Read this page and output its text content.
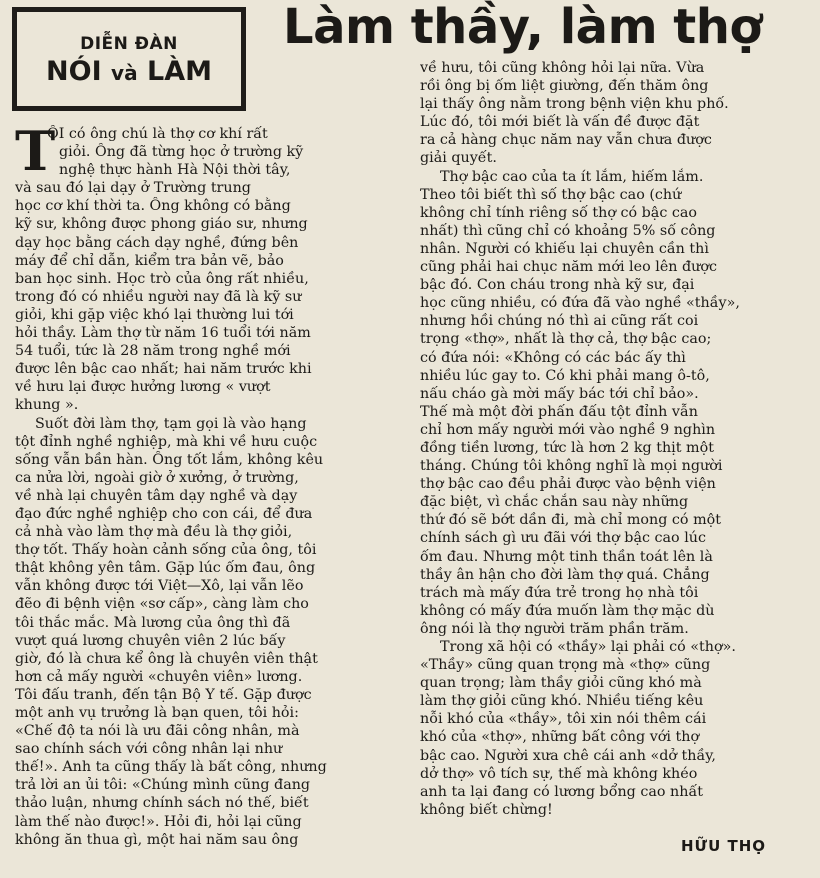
DIỄN ĐÀN
NÓI và LÀM
Làm thầy, làm thợ
T
ÔI có ông chú là thợ cơ khí rất
giỏi. Ông đã từng học ở trường kỹ
nghệ thực hành Hà Nội thời tây,
và sau đó lại dạy ở Trường trung
học cơ khí thời ta. Ông không có bằng
kỹ sư, không được phong giáo sư, nhưng
dạy học bằng cách dạy nghề, đứng bên
máy để chỉ dẫn, kiểm tra bản vẽ, bảo
ban học sinh. Học trò của ông rất nhiều,
trong đó có nhiều người nay đã là kỹ sư
giỏi, khi gặp việc khó lại thường lui tới
hỏi thầy. Làm thợ từ năm 16 tuổi tới năm
54 tuổi, tức là 28 năm trong nghề mới
được lên bậc cao nhất; hai năm trước khi
về hưu lại được hưởng lương « vượt
khung ».
Suốt đời làm thợ, tạm gọi là vào hạng
tột đỉnh nghề nghiệp, mà khi về hưu cuộc
sống vẫn bần hàn. Ông tốt lắm, không kêu
ca nửa lời, ngoài giờ ở xưởng, ở trường,
về nhà lại chuyên tâm dạy nghề và dạy
đạo đức nghề nghiệp cho con cái, để đưa
cả nhà vào làm thợ mà đều là thợ giỏi,
thợ tốt. Thấy hoàn cảnh sống của ông, tôi
thật không yên tâm. Gặp lúc ốm đau, ông
vẫn không được tới Việt—Xô, lại vẫn lẽo
đẽo đi bệnh viện «sơ cấp», càng làm cho
tôi thắc mắc. Mà lương của ông thì đã
vượt quá lương chuyên viên 2 lúc bấy
giờ, đó là chưa kể ông là chuyên viên thật
hơn cả mấy người «chuyên viên» lương.
Tôi đấu tranh, đến tận Bộ Y tế. Gặp được
một anh vụ trưởng là bạn quen, tôi hỏi:
«Chế độ ta nói là ưu đãi công nhân, mà
sao chính sách với công nhân lại như
thế!». Anh ta cũng thấy là bất công, nhưng
trả lời an ủi tôi: «Chúng mình cũng đang
thảo luận, nhưng chính sách nó thế, biết
làm thế nào được!». Hỏi đi, hỏi lại cũng
không ăn thua gì, một hai năm sau ông
về hưu, tôi cũng không hỏi lại nữa. Vừa
rồi ông bị ốm liệt giường, đến thăm ông
lại thấy ông nằm trong bệnh viện khu phố.
Lúc đó, tôi mới biết là vấn đề được đặt
ra cả hàng chục năm nay vẫn chưa được
giải quyết.
Thợ bậc cao của ta ít lắm, hiếm lắm.
Theo tôi biết thì số thợ bậc cao (chứ
không chỉ tính riêng số thợ có bậc cao
nhất) thì cũng chỉ có khoảng 5% số công
nhân. Người có khiếu lại chuyên cần thì
cũng phải hai chục năm mới leo lên được
bậc đó. Con cháu trong nhà kỹ sư, đại
học cũng nhiều, có đứa đã vào nghề «thầy»,
nhưng hồi chúng nó thì ai cũng rất coi
trọng «thợ», nhất là thợ cả, thợ bậc cao;
có đứa nói: «Không có các bác ấy thì
nhiều lúc gay to. Có khi phải mang ô-tô,
nấu cháo gà mời mấy bác tới chỉ bảo».
Thế mà một đời phấn đấu tột đỉnh vẫn
chỉ hơn mấy người mới vào nghề 9 nghìn
đồng tiền lương, tức là hơn 2 kg thịt một
tháng. Chúng tôi không nghĩ là mọi người
thợ bậc cao đều phải được vào bệnh viện
đặc biệt, vì chắc chắn sau này những
thứ đó sẽ bớt dần đi, mà chỉ mong có một
chính sách gì ưu đãi với thợ bậc cao lúc
ốm đau. Nhưng một tinh thần toát lên là
thầy ân hận cho đời làm thợ quá. Chẳng
trách mà mấy đứa trẻ trong họ nhà tôi
không có mấy đứa muốn làm thợ mặc dù
ông nói là thợ người trăm phần trăm.
Trong xã hội có «thầy» lại phải có «thợ».
«Thầy» cũng quan trọng mà «thợ» cũng
quan trọng; làm thầy giỏi cũng khó mà
làm thợ giỏi cũng khó. Nhiều tiếng kêu
nỗi khó của «thầy», tôi xin nói thêm cái
khó của «thợ», những bất công với thợ
bậc cao. Người xưa chê cái anh «dở thầy,
dở thợ» vô tích sự, thế mà không khéo
anh ta lại đang có lương bổng cao nhất
không biết chừng!
HỮU THỌ
